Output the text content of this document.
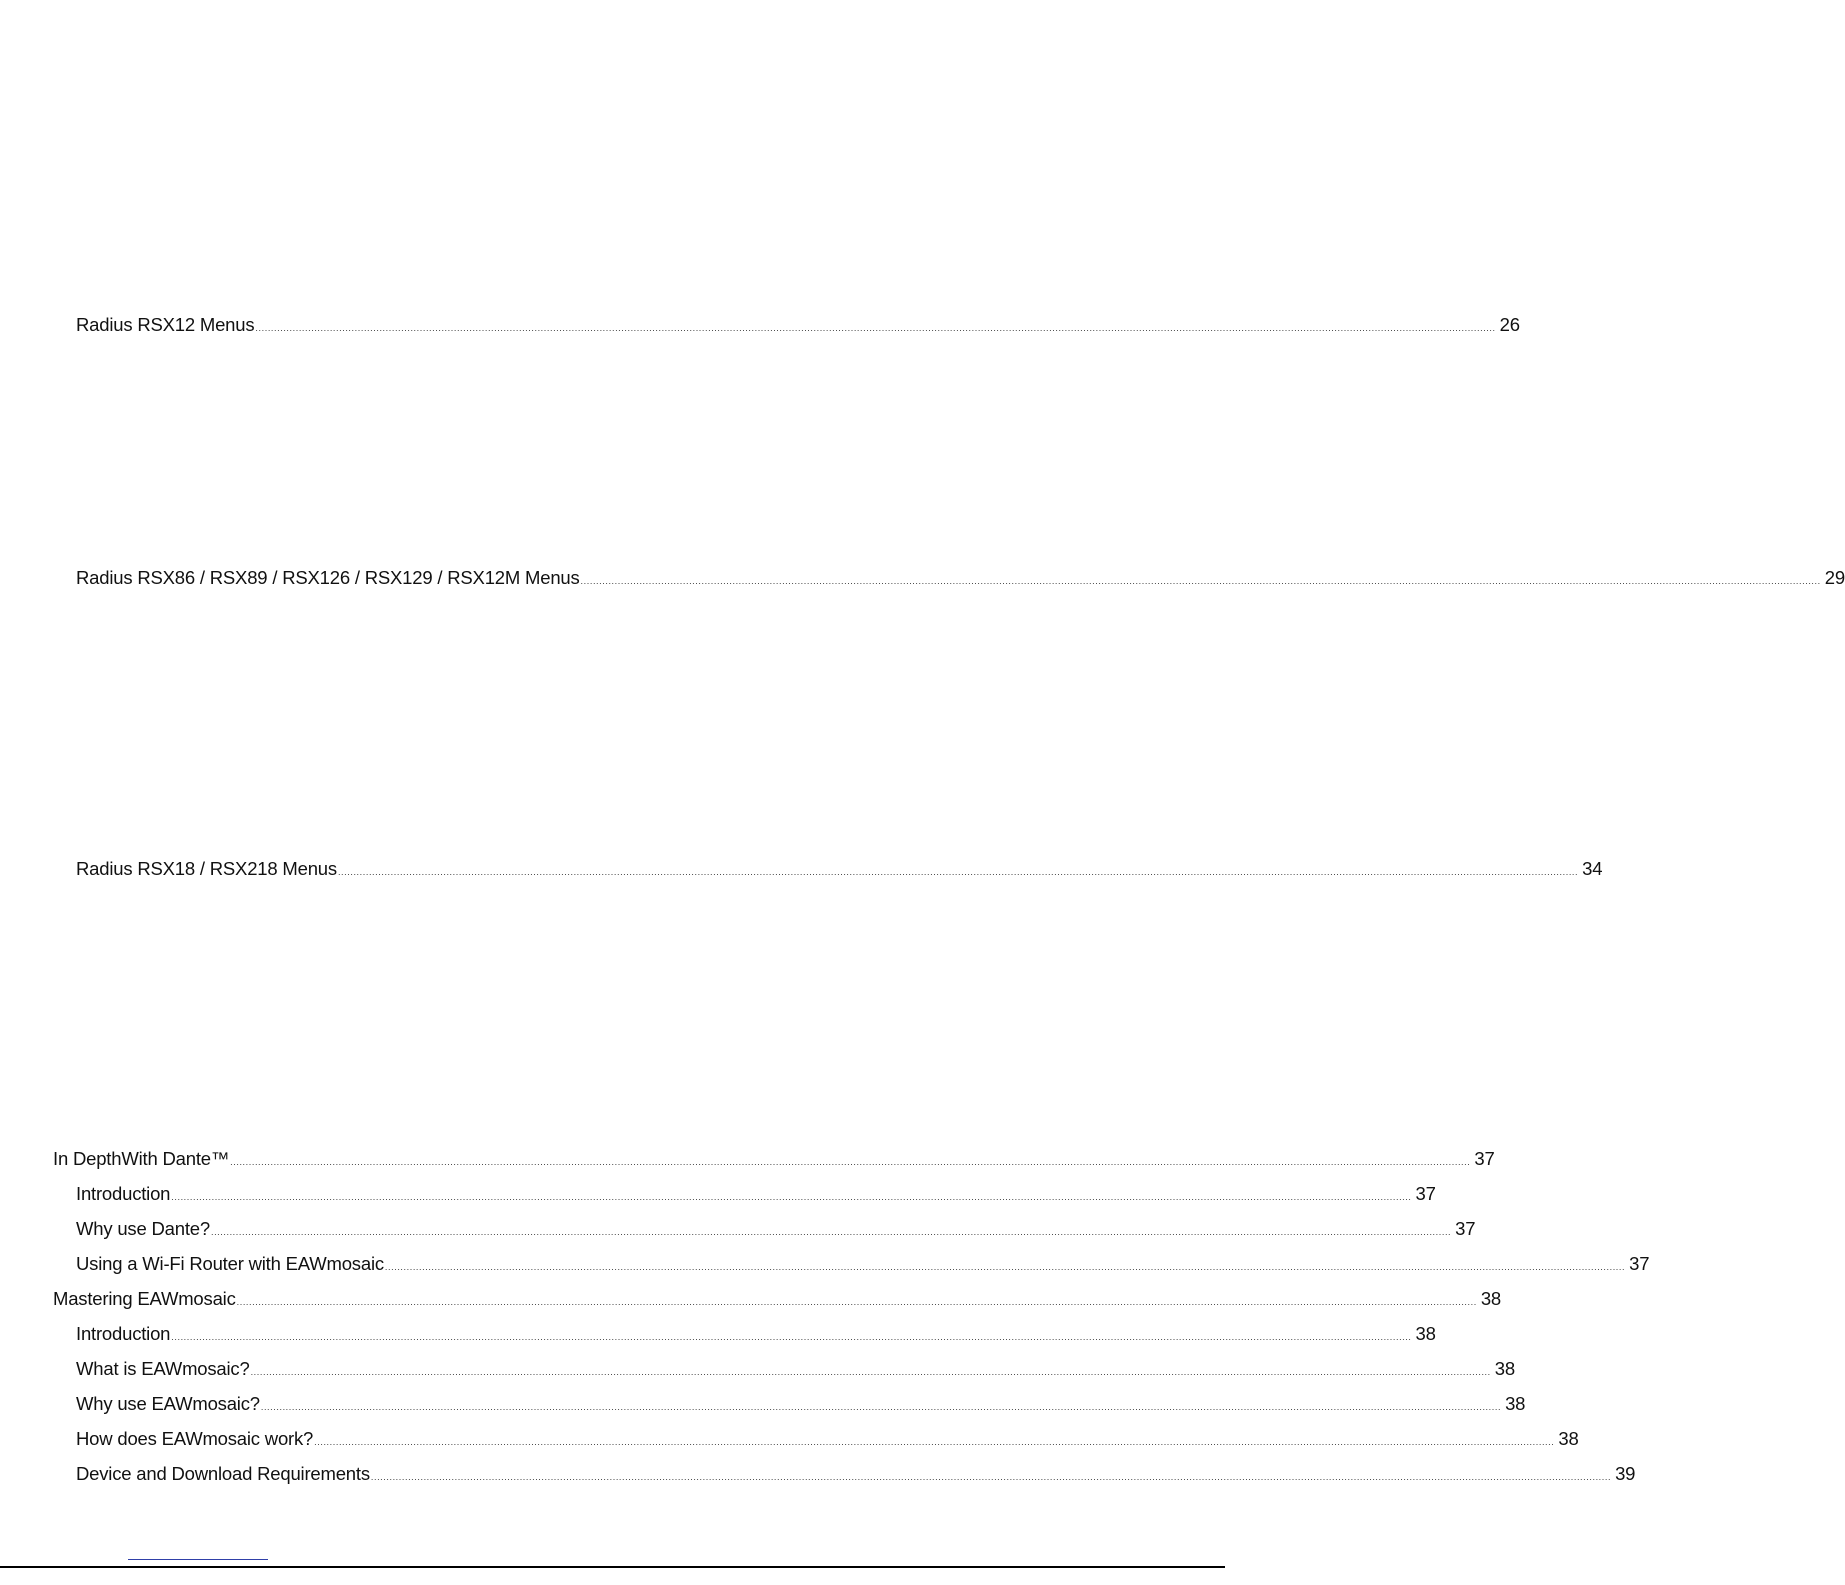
Radius RSX12 Menus ................................................................................................................................................................................................................................................................................................................................................................................................................ 26
Radius RSX86 / RSX89 / RSX126 / RSX129 / RSX12M Menus ................................................................................................................................................................................................................................................................................................................................................................................................................ 29
Radius RSX18 / RSX218 Menus ................................................................................................................................................................................................................................................................................................................................................................................................................ 34
In DepthWith Dante™ ................................................................................................................................................................................................................................................................................................................................................................................................................ 37
Introduction ................................................................................................................................................................................................................................................................................................................................................................................................................ 37
Why use Dante? ................................................................................................................................................................................................................................................................................................................................................................................................................ 37
Using a Wi-Fi Router with EAWmosaic ................................................................................................................................................................................................................................................................................................................................................................................................................ 37
Mastering EAWmosaic ................................................................................................................................................................................................................................................................................................................................................................................................................ 38
Introduction ................................................................................................................................................................................................................................................................................................................................................................................................................ 38
What is EAWmosaic? ................................................................................................................................................................................................................................................................................................................................................................................................................ 38
Why use EAWmosaic? ................................................................................................................................................................................................................................................................................................................................................................................................................ 38
How does EAWmosaic work? ................................................................................................................................................................................................................................................................................................................................................................................................................ 38
Device and Download Requirements ................................................................................................................................................................................................................................................................................................................................................................................................................ 39
